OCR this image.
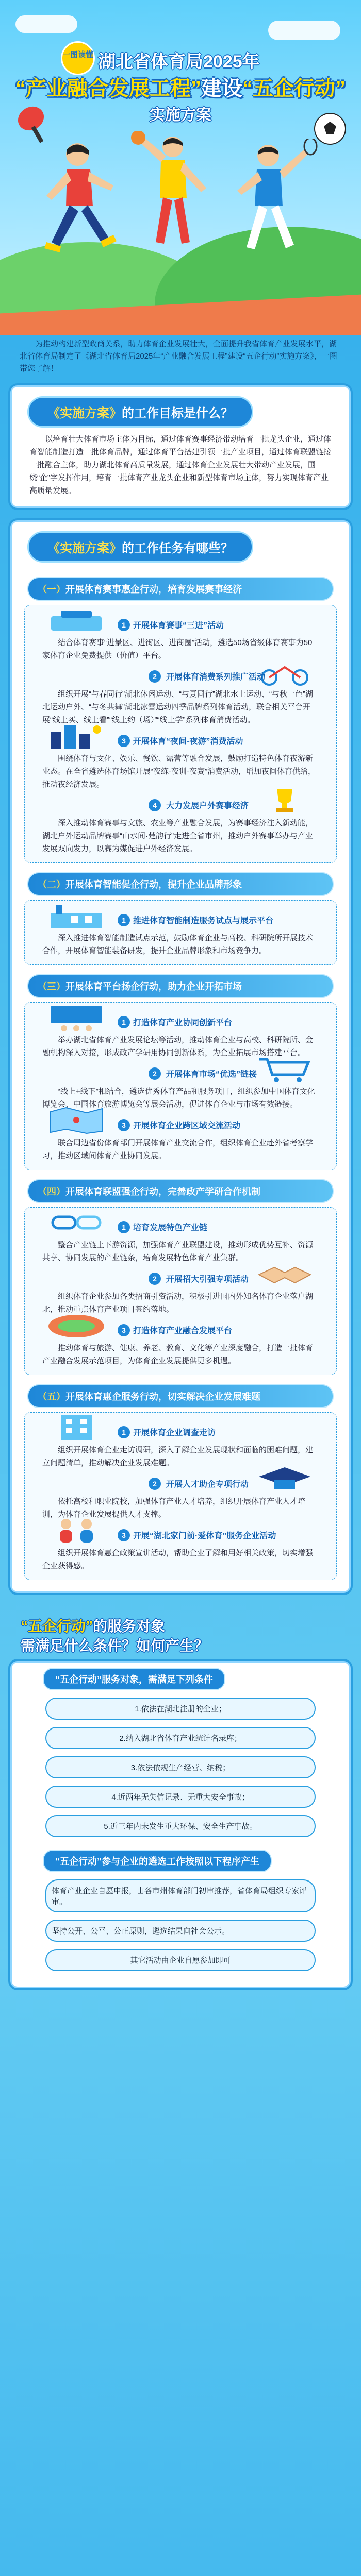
一图读懂 湖北省体育局2025年
“产业融合发展工程”建设“五企行动”
实施方案

为推动构建新型政商关系，助力体育企业发展壮大，全面提升我省体育产业发展水平，湖北省体育局制定了《湖北省体育局2025年“产业融合发展工程”建设“五企行动”实施方案》，一图带您了解！

《实施方案》的工作目标是什么？

以培育壮大体育市场主体为目标，通过体育赛事经济带动培育一批龙头企业，通过体育智能制造打造一批体育品牌，通过体育平台搭建引领一批产业项目，通过体育联盟链接一批融合主体，助力湖北体育高质量发展，通过体育企业发展壮大带动产业发展，围绕“企”字发挥作用，培育一批体育产业龙头企业和新型体育市场主体，努力实现体育产业高质量发展。

《实施方案》的工作任务有哪些？
（一）开展体育赛事惠企行动，培育发展赛事经济
1 开展体育赛事“三进”活动

结合体育赛事“进景区、进街区、进商圈”活动，遴选50场省级体育赛事为50家体育企业免费提供（价值）平台。

2	开展体育消费系列推广活动

组织开展“与春同行”湖北休闲运动、“与夏同行”湖北水上运动、“与秋一色”湖北运动户外、“与冬共舞”湖北冰雪运动四季品牌系列体育活动，联合相关平台开展“线上买、线上看”“线上约（场）”“线上学”系列体育消费活动。

3 开展体育“夜间-夜游”消费活动

围绕体育与文化、娱乐、餐饮、露营等融合发展，鼓励打造特色体育夜游新业态。在全省遴选体育场馆开展“夜练·夜训·夜赛”消费活动，增加夜间体育供给，推动夜经济发展。

4	大力发展户外赛事经济

深入推动体育赛事与文旅、农业等产业融合发展，为赛事经济注入新动能，湖北户外运动品牌赛事“山水间·楚韵行”走进全省市州，推动户外赛事举办与产业发展双向发力，以赛为媒促进户外经济发展。

（二）开展体育智能促企行动，提升企业品牌形象
1 推进体育智能制造服务试点与展示平台

深入推进体育智能制造试点示范，鼓励体育企业与高校、科研院所开展技术合作，开展体育智能装备研发，提升企业品牌形象和市场竞争力。

（三）开展体育平台扬企行动，助力企业开拓市场
1 打造体育产业协同创新平台

举办湖北省体育产业发展论坛等活动，推动体育企业与高校、科研院所、金融机构深入对接，形成政产学研用协同创新体系，为企业拓展市场搭建平台。

2	开展体育市场“优选”链接

“线上+线下”相结合，遴选优秀体育产品和服务项目，组织参加中国体育文化博览会、中国体育旅游博览会等展会活动，促进体育企业与市场有效链接。

3 开展体育企业跨区域交流活动

联合周边省份体育部门开展体育产业交流合作，组织体育企业赴外省考察学习，推动区域间体育产业协同发展。

（四）开展体育联盟强企行动，完善政产学研合作机制
1 培育发展特色产业链

整合产业链上下游资源，加强体育产业联盟建设，推动形成优势互补、资源共享、协同发展的产业链条，培育发展特色体育产业集群。

2	开展招大引强专项活动

组织体育企业参加各类招商引资活动，积极引进国内外知名体育企业落户湖北，推动重点体育产业项目签约落地。

3 打造体育产业融合发展平台

推动体育与旅游、健康、养老、教育、文化等产业深度融合，打造一批体育产业融合发展示范项目，为体育企业发展提供更多机遇。

（五）开展体育惠企服务行动，切实解决企业发展难题
1 开展体育企业调查走访

组织开展体育企业走访调研，深入了解企业发展现状和面临的困难问题，建立问题清单，推动解决企业发展难题。

2	开展人才助企专项行动

依托高校和职业院校，加强体育产业人才培养，组织开展体育产业人才培训，为体育企业发展提供人才支撑。

3 开展“湖北家门前·爱体育”服务企业活动

组织开展体育惠企政策宣讲活动，帮助企业了解和用好相关政策，切实增强企业获得感。

“五企行动”的服务对象
需满足什么条件？如何产生？
“五企行动”服务对象，需满足下列条件
1.依法在湖北注册的企业；
2.纳入湖北省体育产业统计名录库；
3.依法依规生产经营、纳税；
4.近两年无失信记录、无重大安全事故；
5.近三年内未发生重大环保、安全生产事故。
“五企行动”参与企业的遴选工作按照以下程序产生
体育产业企业自愿申报，由各市州体育部门初审推荐，省体育局组织专家评审。
坚持公开、公平、公正原则，遴选结果向社会公示。
其它活动由企业自愿参加即可
